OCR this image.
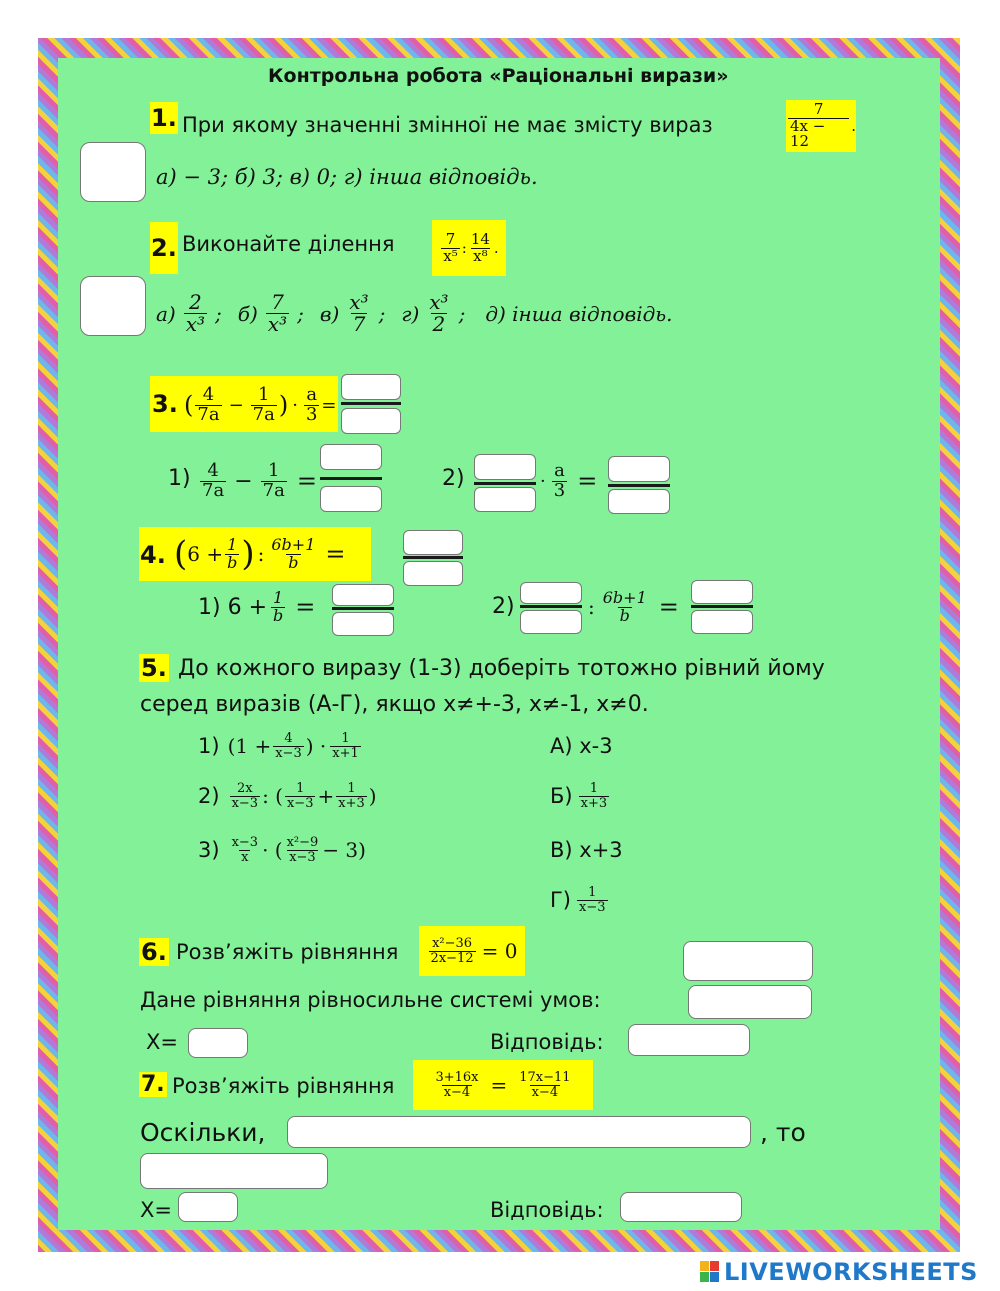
Контрольна робота «Раціональні вирази»
1. При якому значенні змінної не має змісту вираз	$\frac{7}{4x - 12}$ .
а) − 3; б) 3; в) 0; г) інша відповідь.
2. Виконайте ділення	$\frac{7}{\text{x⁵}}$ : $\frac{14}{\text{x⁸}}$ .
$а) \frac{2}{\text{x³}}$ ; $б) \frac{7}{\text{x³}}$ ; $в) \frac{\text{x³}}{7}$ ; $г) \frac{\text{x³}}{2}$ ; д) інша відповідь.
3. ( $\frac{4}{7a} - \frac{1}{7a}$ ) · $\frac{a}{3}$ =
$1) \frac{4}{7a} - \frac{1}{7a}$ =	2)	· $\frac{a}{3}$ =
4. ( $6 + \frac{1}{b}$ ) : $\frac{6b+1}{b}$ =
1) $6 + \frac{1}{b}$ =	2)	: $\frac{6b+1}{b}$ =
5. До кожного виразу (1-3) доберіть тотожно рівний йому
серед виразів (А-Г), якщо x≠+-3, x≠-1, x≠0.
1) ($1 + \frac{4}{x-3}$ ) · $\frac{1}{x+1}$
$2) \frac{2x}{x-3}$ : ( $\frac{1}{x-3} + \frac{1}{x+3}$ )
$3) \frac{x-3}{x}$ · ( $\frac{\text{x²−9}}{x-3} - 3$)
А) x-3
$Б) \frac{1}{x+3}$
В) x+3
$Г) \frac{1}{x-3}$
6. Розв’яжіть рівняння $\frac{\text{x²−36}}{2x-12} = 0$
Дане рівняння рівносильне системі умов:
X=	Відповідь:
7. Розв’яжіть рівняння	$\frac{3+16x}{x-4} = \frac{17x-11}{x-4}$
Оскільки,	, то
X=	Відповідь:
LIVEWORKSHEETS
